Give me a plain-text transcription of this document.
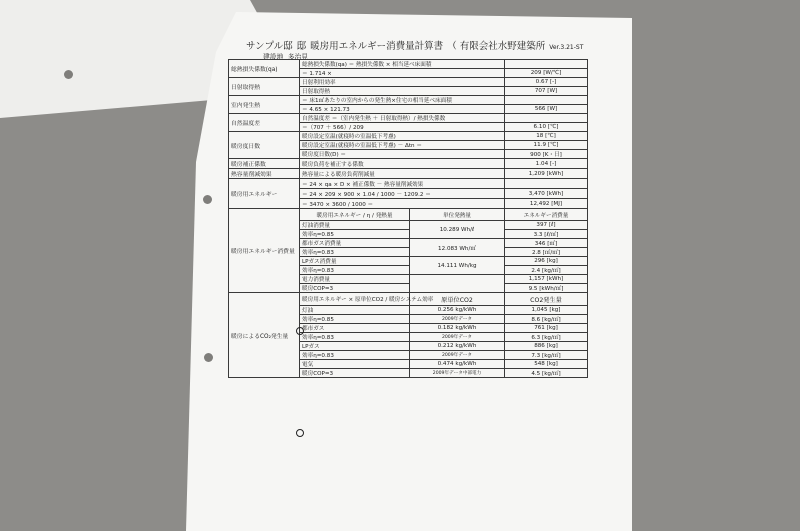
サンプル邸 邸 暖房用エネルギー消費量計算書 （ 有限会社水野建築所 Ver.3.21-ST
建設地 多治見
総熱損失係数(qa)	総熱損失係数(qa) ＝ 熱損失係数 × 相当延べ床面積		
	＝ 1.714 ×		209 [W/℃]
日射取得熱	日射利用効率		0.67 [-]
	日射取得熱		707 [W]
室内発生熱	＝ 床1㎡あたりの室内からの発生熱×住宅の相当延べ床面積		
	＝ 4.65 × 121.73		566 [W]
自然温度差	自然温度差 ＝（室内発生熱 ＋ 日射取得熱）/ 熱損失係数		
	＝（707 ＋ 566）/ 209		6.10 [℃]
暖房度日数	暖房設定室温(就寝時の室温低下考慮)		18 [℃]
	暖房設定室温(就寝時の室温低下考慮) － Δtn ＝		11.9 [℃]
	暖房度日数(D) ＝		900 [K・日]
暖房補正係数	暖房負荷を補正する係数		1.04 [-]
熱容量削減効果	熱容量による暖房負荷削減量		1,209 [kWh]
暖房用エネルギー	＝ 24 × qa × D × 補正係数 － 熱容量削減効果		
	＝ 24 × 209 × 900 × 1.04 / 1000 － 1209.2 ＝		3,470 [kWh]
	＝ 3470 × 3600 / 1000 ＝		12,492 [MJ]
暖房用エネルギー消費量	暖房用エネルギー / η / 発熱量	単位発熱量	エネルギー消費量
	灯油消費量	10.289 Wh/ℓ	397 [ℓ]
	効率η=0.85		3.3 [ℓ/㎡]
	都市ガス消費量	12.083 Wh/㎥	346 [㎥]
	効率η=0.83		2.8 [㎥/㎡]
	LPガス消費量	14.111 Wh/kg	296 [kg]
	効率η=0.83		2.4 [kg/㎡]
	電力消費量		1,157 [kWh]
	暖房COP=3		9.5 [kWh/㎡]
暖房によるCO₂発生量	暖房用エネルギー × 原単位CO2 / 暖房システム効率	原単位CO2	CO2発生量
	灯油	0.256 kg/kWh	1,045 [kg]
	効率η=0.85	2009年データ	8.6 [kg/㎡]
	都市ガス	0.182 kg/kWh	761 [kg]
	効率η=0.83	2009年データ	6.3 [kg/㎡]
	LPガス	0.212 kg/kWh	886 [kg]
	効率η=0.83	2009年データ	7.3 [kg/㎡]
	電気	0.474 kg/kWh	548 [kg]
	暖房COP=3	2009年データ中部電力	4.5 [kg/㎡]
